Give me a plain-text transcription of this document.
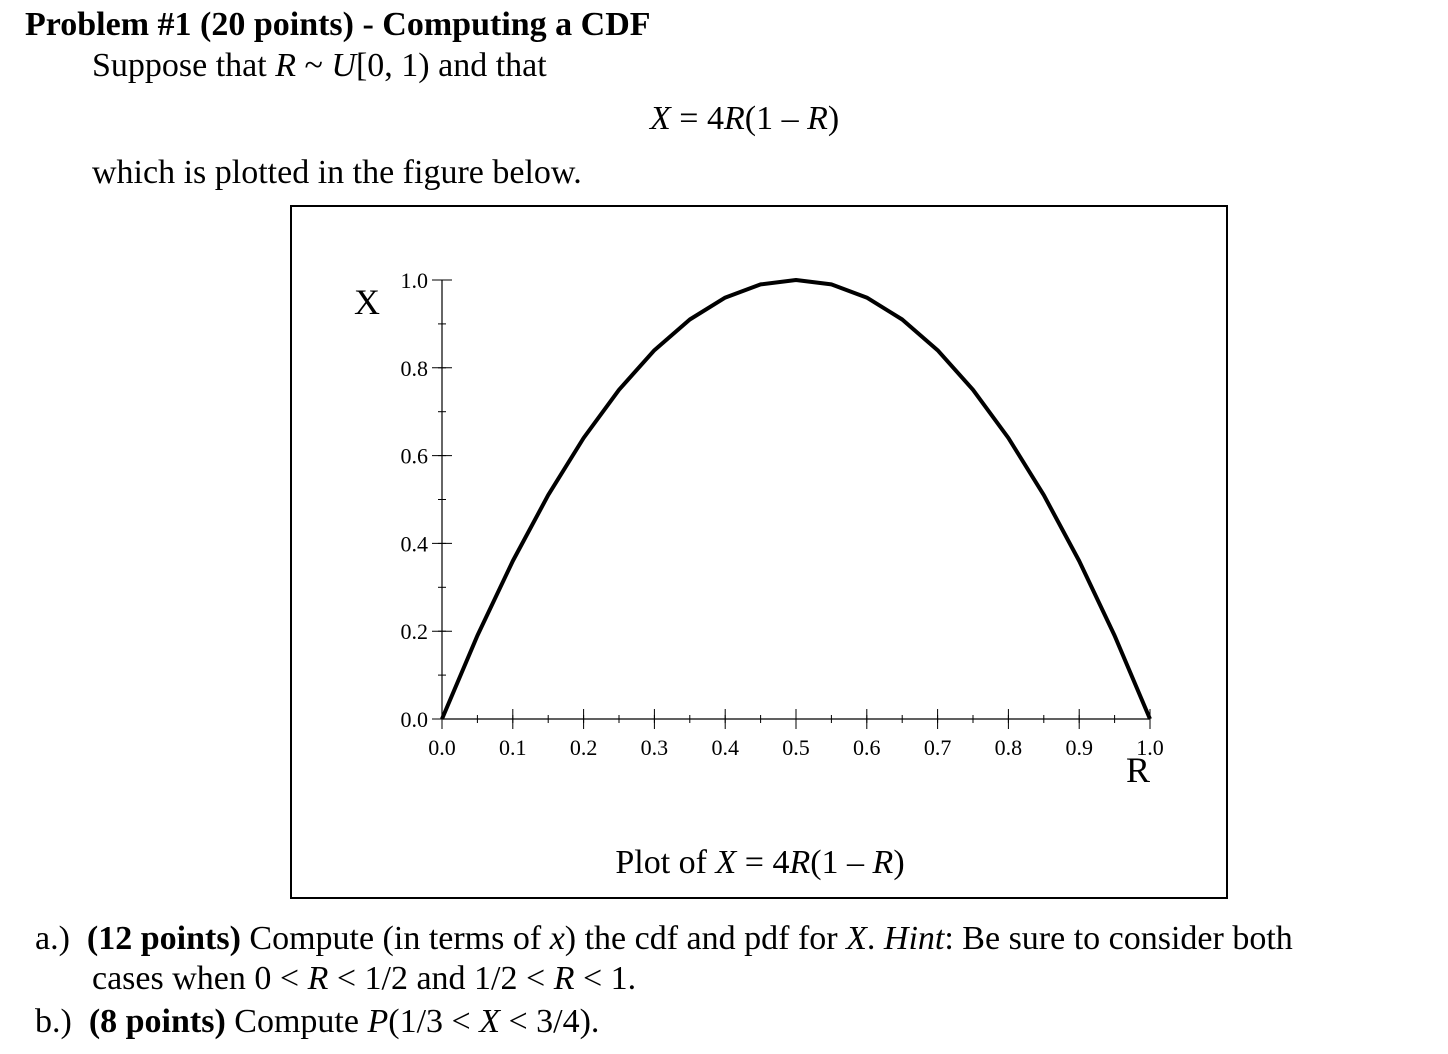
Problem #1 (20 points) - Computing a CDF
Suppose that R ~ U[0, 1) and that
X = 4R(1 – R)
which is plotted in the figure below.
X
R
0.0 0.1 0.2 0.3 0.4 0.5 0.6 0.7 0.8 0.9 1.0
0.0
0.2
0.4
0.6
0.8
1.0
Plot of X = 4R(1 – R)
a.) (12 points) Compute (in terms of x) the cdf and pdf for X. Hint: Be sure to consider both
cases when 0 < R < 1/2 and 1/2 < R < 1.
b.) (8 points) Compute P(1/3 < X < 3/4).
